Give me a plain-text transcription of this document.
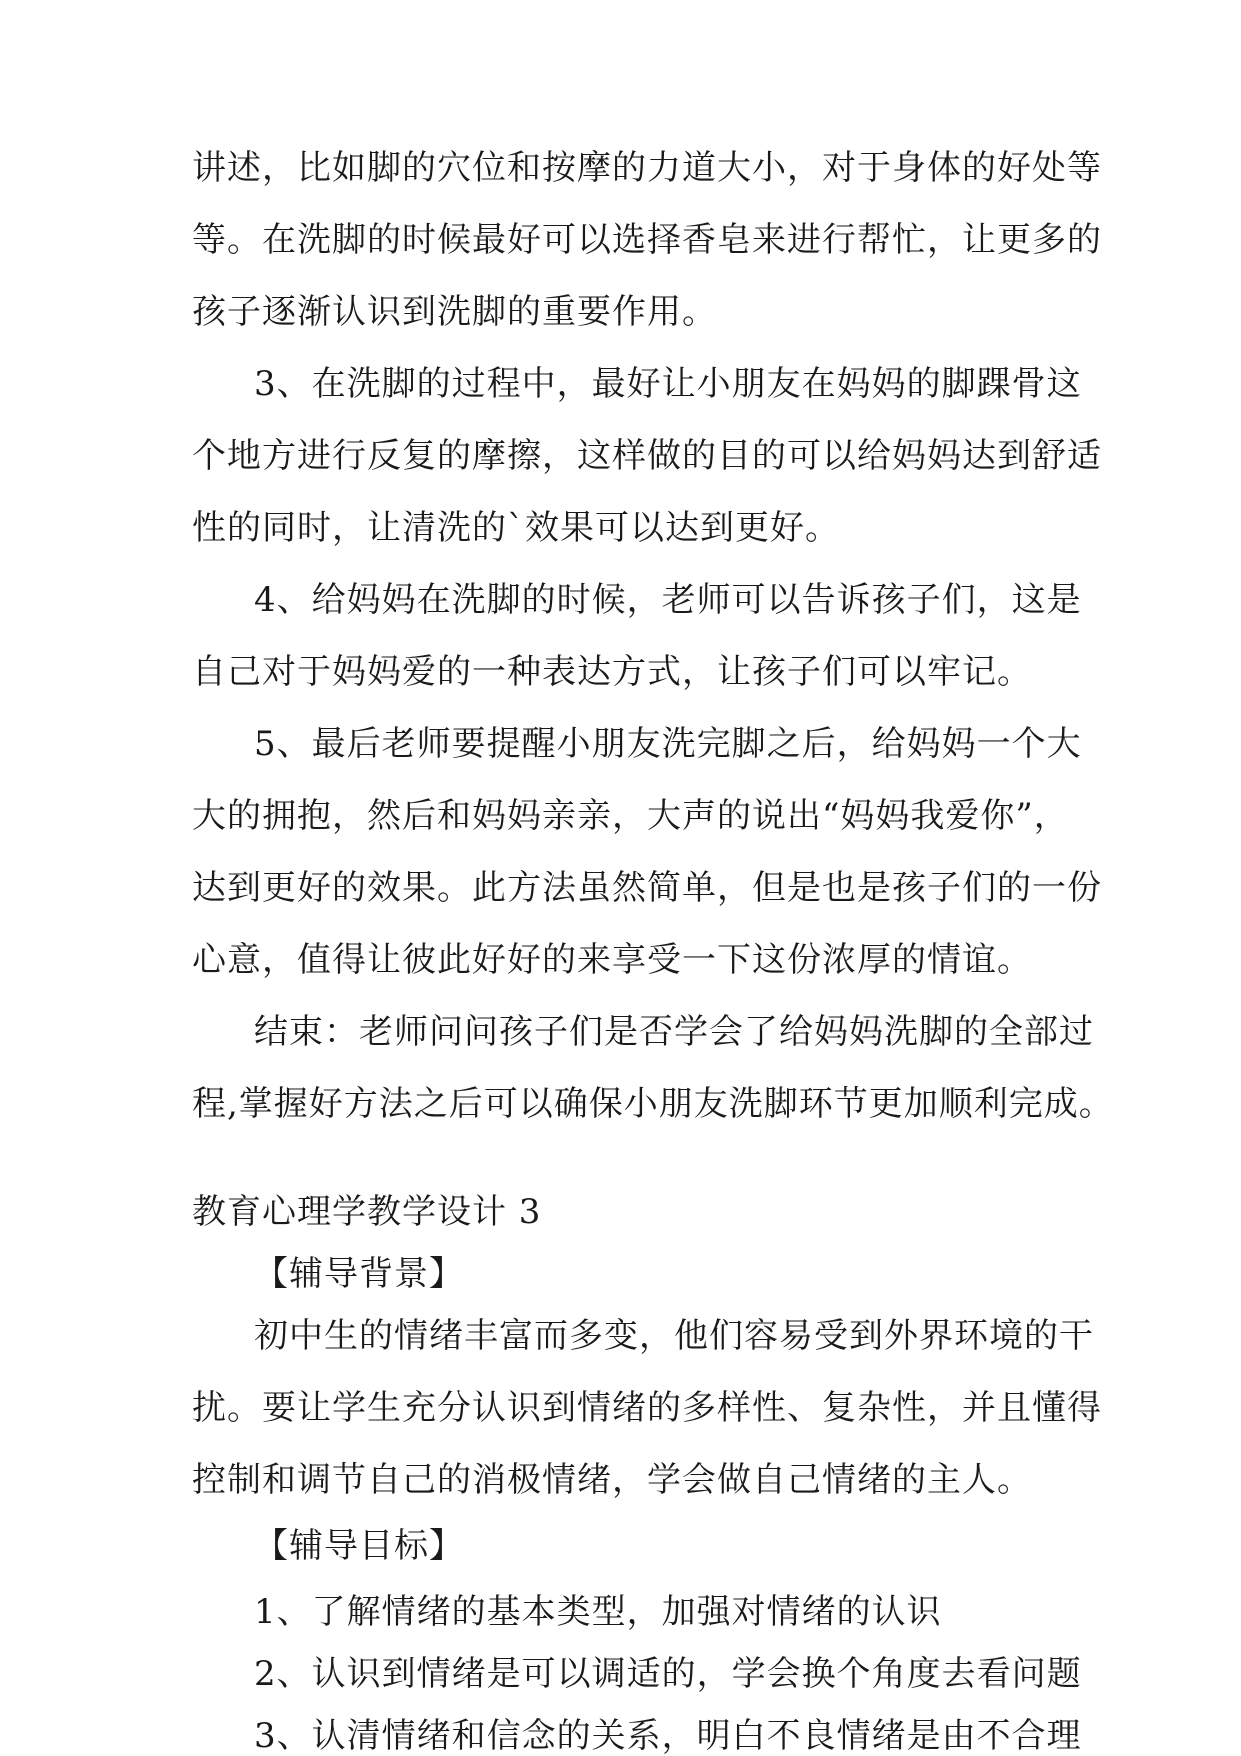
讲述，比如脚的穴位和按摩的力道大小，对于身体的好处等
等。在洗脚的时候最好可以选择香皂来进行帮忙，让更多的
孩子逐渐认识到洗脚的重要作用。
3、在洗脚的过程中，最好让小朋友在妈妈的脚踝骨这
个地方进行反复的摩擦，这样做的目的可以给妈妈达到舒适
性的同时，让清洗的`效果可以达到更好。
4、给妈妈在洗脚的时候，老师可以告诉孩子们，这是
自己对于妈妈爱的一种表达方式，让孩子们可以牢记。
5、最后老师要提醒小朋友洗完脚之后，给妈妈一个大
大的拥抱，然后和妈妈亲亲，大声的说出“妈妈我爱你”，
达到更好的效果。此方法虽然简单，但是也是孩子们的一份
心意，值得让彼此好好的来享受一下这份浓厚的情谊。
结束：老师问问孩子们是否学会了给妈妈洗脚的全部过
程,掌握好方法之后可以确保小朋友洗脚环节更加顺利完成。
教育心理学教学设计 3
【辅导背景】
初中生的情绪丰富而多变，他们容易受到外界环境的干
扰。要让学生充分认识到情绪的多样性、复杂性，并且懂得
控制和调节自己的消极情绪，学会做自己情绪的主人。
【辅导目标】
1、了解情绪的基本类型，加强对情绪的认识
2、认识到情绪是可以调适的，学会换个角度去看问题
3、认清情绪和信念的关系，明白不良情绪是由不合理
